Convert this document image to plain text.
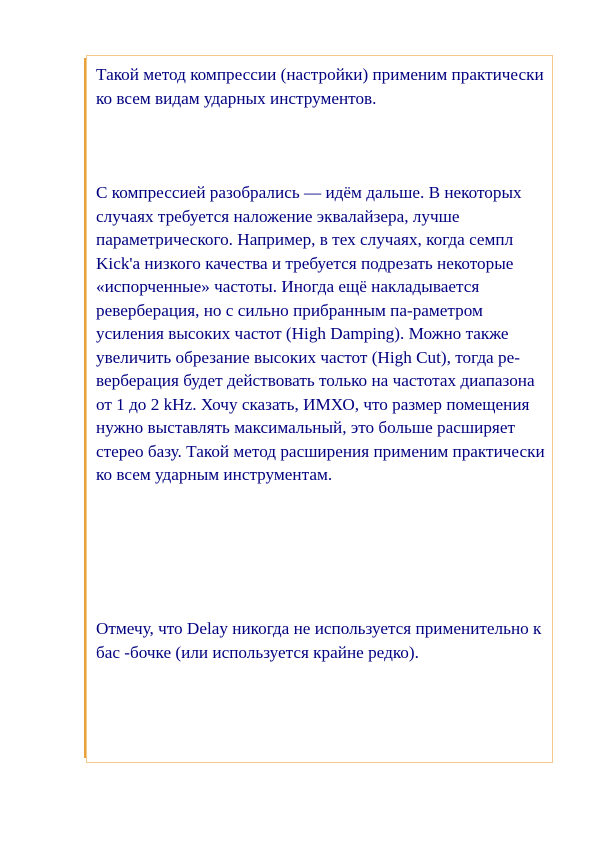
Такой метод компрессии (настройки) применим практически ко всем видам ударных инструментов.

С компрессией разобрались — идём дальше. В некоторых случаях требуется наложение эквалайзера, лучше параметрического. Например, в тех случаях, когда семпл Kick'a низкого качества и требуется подрезать некоторые «испорченные» частоты. Иногда ещё накладывается реверберация, но с сильно прибранным па-раметром усиления высоких частот (High Damping). Можно также увеличить обрезание высоких частот (High Cut), тогда ре-верберация будет действовать только на частотах диапазона от 1 до 2 kHz. Хочу сказать, ИМХО, что размер помещения нужно выставлять максимальный, это больше расширяет стерео базу. Такой метод расширения применим практически ко всем ударным инструментам.

Отмечу, что Delay никогда не используется применительно к бас -бочке (или используется крайне редко).
